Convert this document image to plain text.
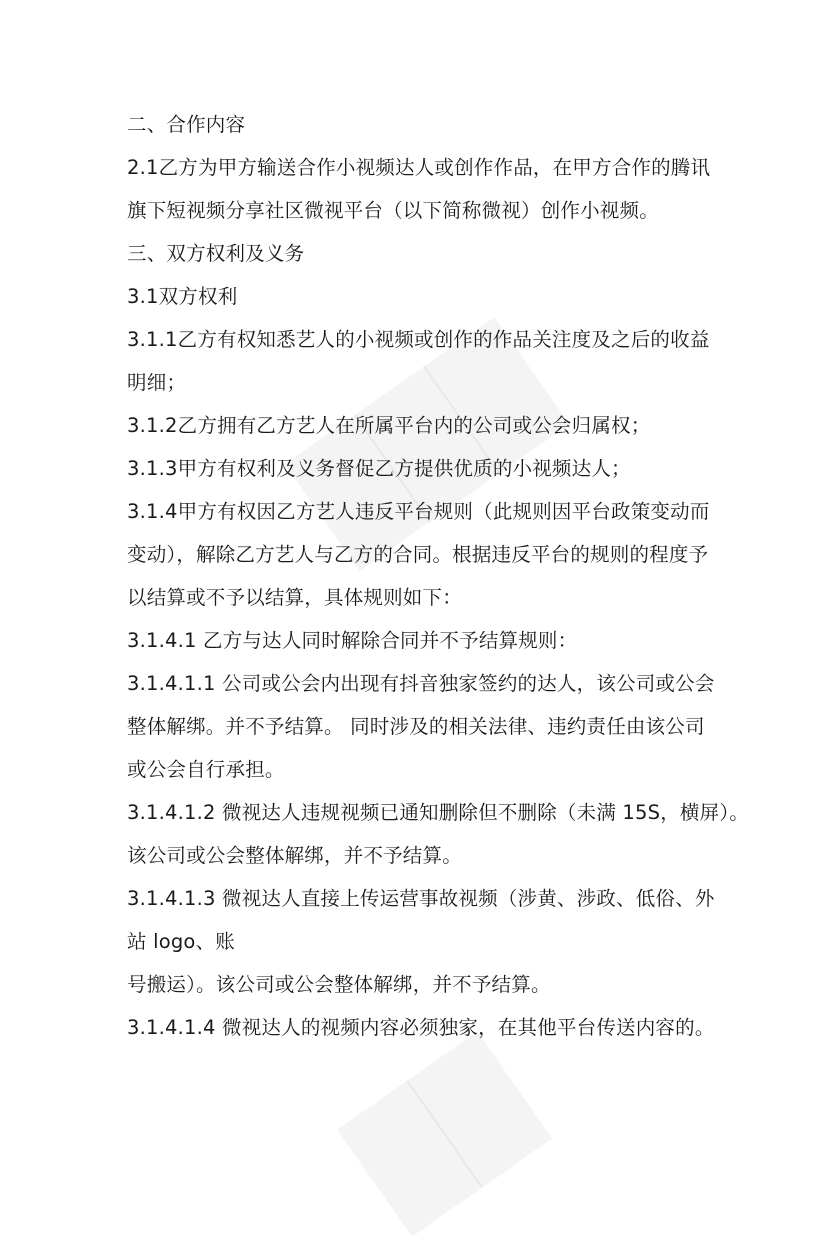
二、合作内容
2.1乙方为甲方输送合作小视频达人或创作作品，在甲方合作的腾讯
旗下短视频分享社区微视平台（以下简称微视）创作小视频。
三、双方权利及义务
3.1双方权利
3.1.1乙方有权知悉艺人的小视频或创作的作品关注度及之后的收益
明细；
3.1.2乙方拥有乙方艺人在所属平台内的公司或公会归属权；
3.1.3甲方有权利及义务督促乙方提供优质的小视频达人；
3.1.4甲方有权因乙方艺人违反平台规则（此规则因平台政策变动而
变动），解除乙方艺人与乙方的合同。根据违反平台的规则的程度予
以结算或不予以结算，具体规则如下：
3.1.4.1 乙方与达人同时解除合同并不予结算规则：
3.1.4.1.1 公司或公会内出现有抖音独家签约的达人，该公司或公会
整体解绑。并不予结算。 同时涉及的相关法律、违约责任由该公司
或公会自行承担。
3.1.4.1.2 微视达人违规视频已通知删除但不删除（未满 15S，横屏）。
该公司或公会整体解绑，并不予结算。
3.1.4.1.3 微视达人直接上传运营事故视频（涉黄、涉政、低俗、外
站 logo、账
号搬运）。该公司或公会整体解绑，并不予结算。
3.1.4.1.4 微视达人的视频内容必须独家，在其他平台传送内容的。
